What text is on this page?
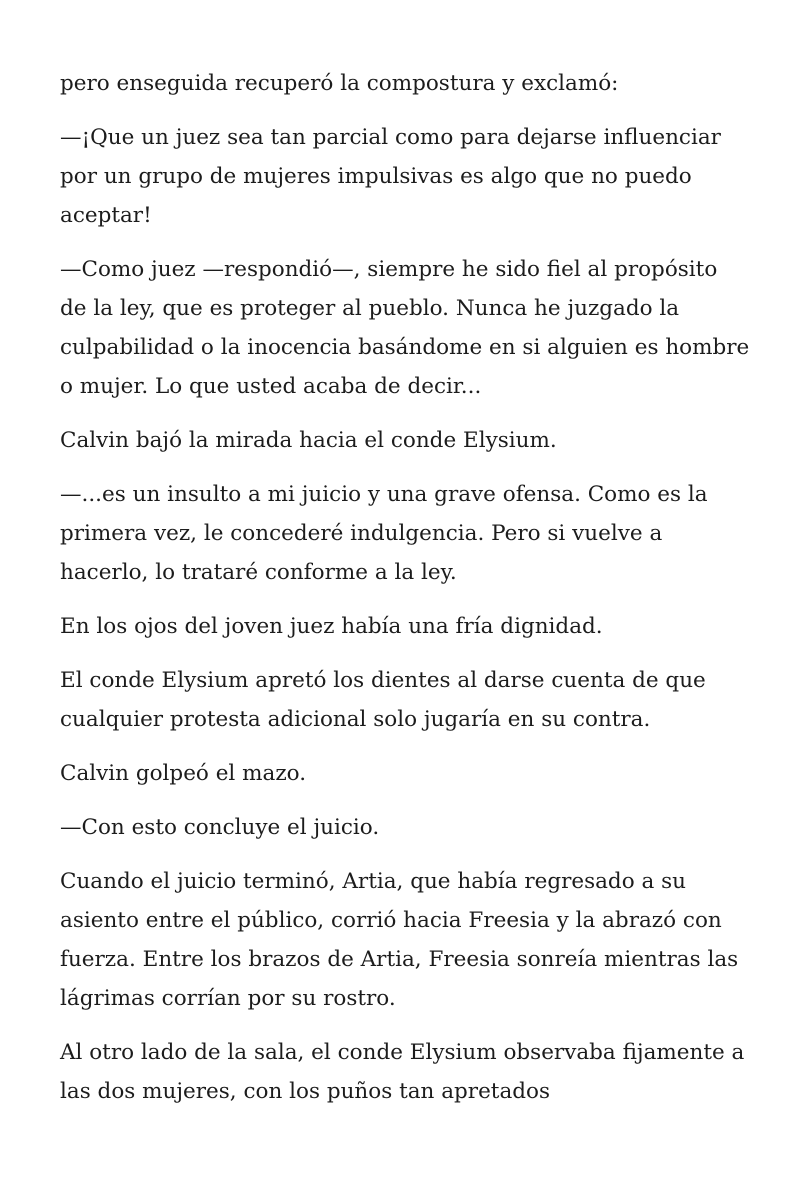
pero enseguida recuperó la compostura y exclamó:

—¡Que un juez sea tan parcial como para dejarse influenciar por un grupo de mujeres impulsivas es algo que no puedo aceptar!

—Como juez —respondió—, siempre he sido fiel al propósito de la ley, que es proteger al pueblo. Nunca he juzgado la culpabilidad o la inocencia basándome en si alguien es hombre o mujer. Lo que usted acaba de decir...

Calvin bajó la mirada hacia el conde Elysium.

—...es un insulto a mi juicio y una grave ofensa. Como es la primera vez, le concederé indulgencia. Pero si vuelve a hacerlo, lo trataré conforme a la ley.

En los ojos del joven juez había una fría dignidad.

El conde Elysium apretó los dientes al darse cuenta de que cualquier protesta adicional solo jugaría en su contra.

Calvin golpeó el mazo.

—Con esto concluye el juicio.

Cuando el juicio terminó, Artia, que había regresado a su asiento entre el público, corrió hacia Freesia y la abrazó con fuerza. Entre los brazos de Artia, Freesia sonreía mientras las lágrimas corrían por su rostro.

Al otro lado de la sala, el conde Elysium observaba fijamente a las dos mujeres, con los puños tan apretados
